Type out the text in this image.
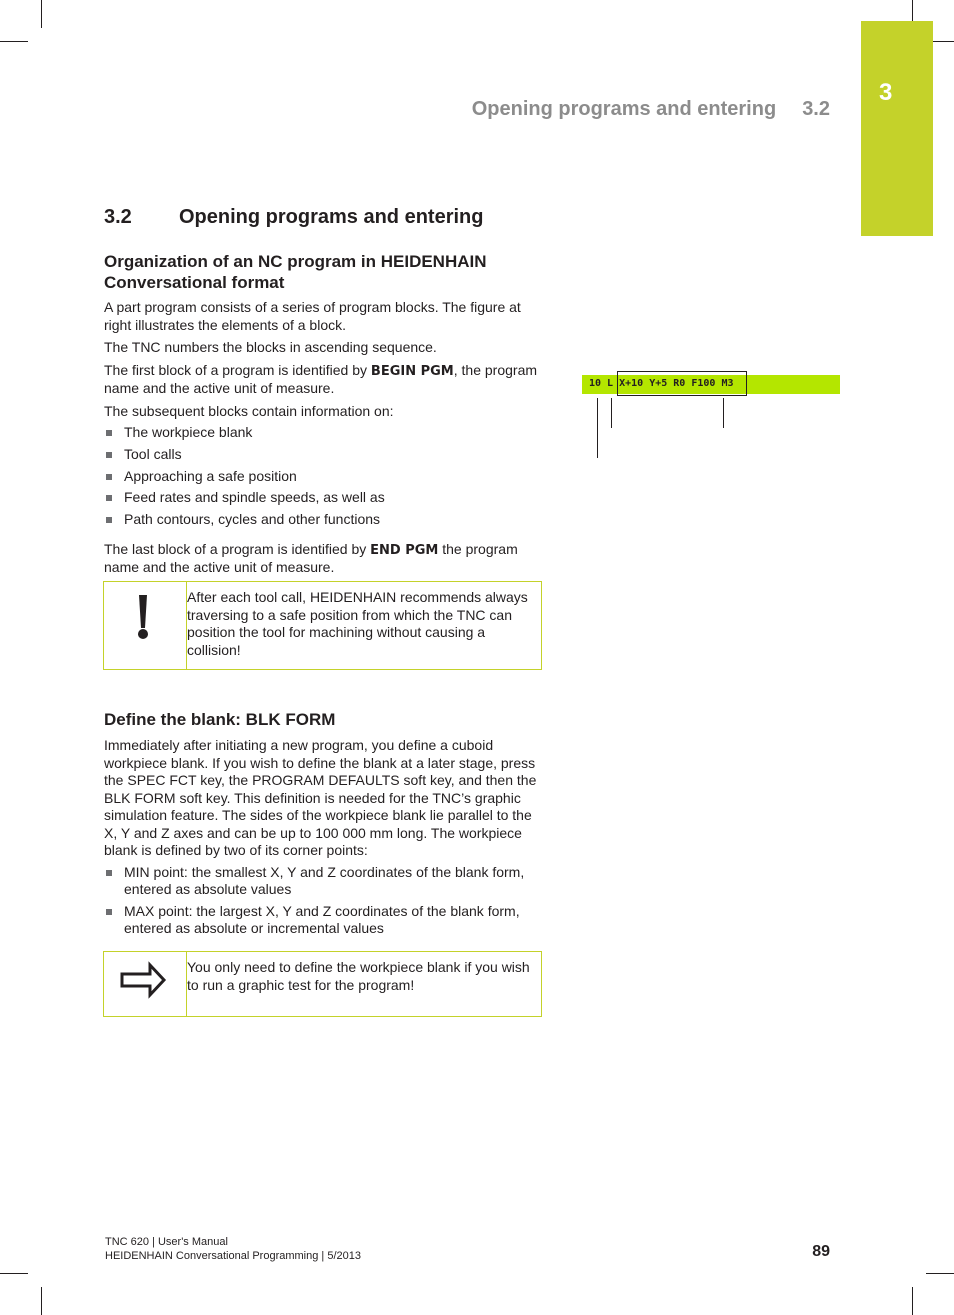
3
Opening programs and entering 3.2
3.2 Opening programs and entering
Organization of an NC program in HEIDENHAIN
Conversational format

A part program consists of a series of program blocks. The figure at right illustrates the elements of a block.

The TNC numbers the blocks in ascending sequence.

The first block of a program is identified by BEGIN PGM, the program name and the active unit of measure.

The subsequent blocks contain information on:

The workpiece blank
Tool calls
Approaching a safe position
Feed rates and spindle speeds, as well as
Path contours, cycles and other functions

The last block of a program is identified by END PGM the program name and the active unit of measure.

After each tool call, HEIDENHAIN recommends always traversing to a safe position from which the TNC can position the tool for machining without causing a collision!
Define the blank: BLK FORM

Immediately after initiating a new program, you define a cuboid workpiece blank. If you wish to define the blank at a later stage, press the SPEC FCT key, the PROGRAM DEFAULTS soft key, and then the BLK FORM soft key. This definition is needed for the TNC’s graphic simulation feature. The sides of the workpiece blank lie parallel to the X, Y and Z axes and can be up to 100 000 mm long. The workpiece blank is defined by two of its corner points:

MIN point: the smallest X, Y and Z coordinates of the blank form, entered as absolute values
MAX point: the largest X, Y and Z coordinates of the blank form, entered as absolute or incremental values
You only need to define the workpiece blank if you wish to run a graphic test for the program!
10 L X+10 Y+5 R0 F100 M3
TNC 620 | User's Manual
HEIDENHAIN Conversational Programming | 5/2013	89
